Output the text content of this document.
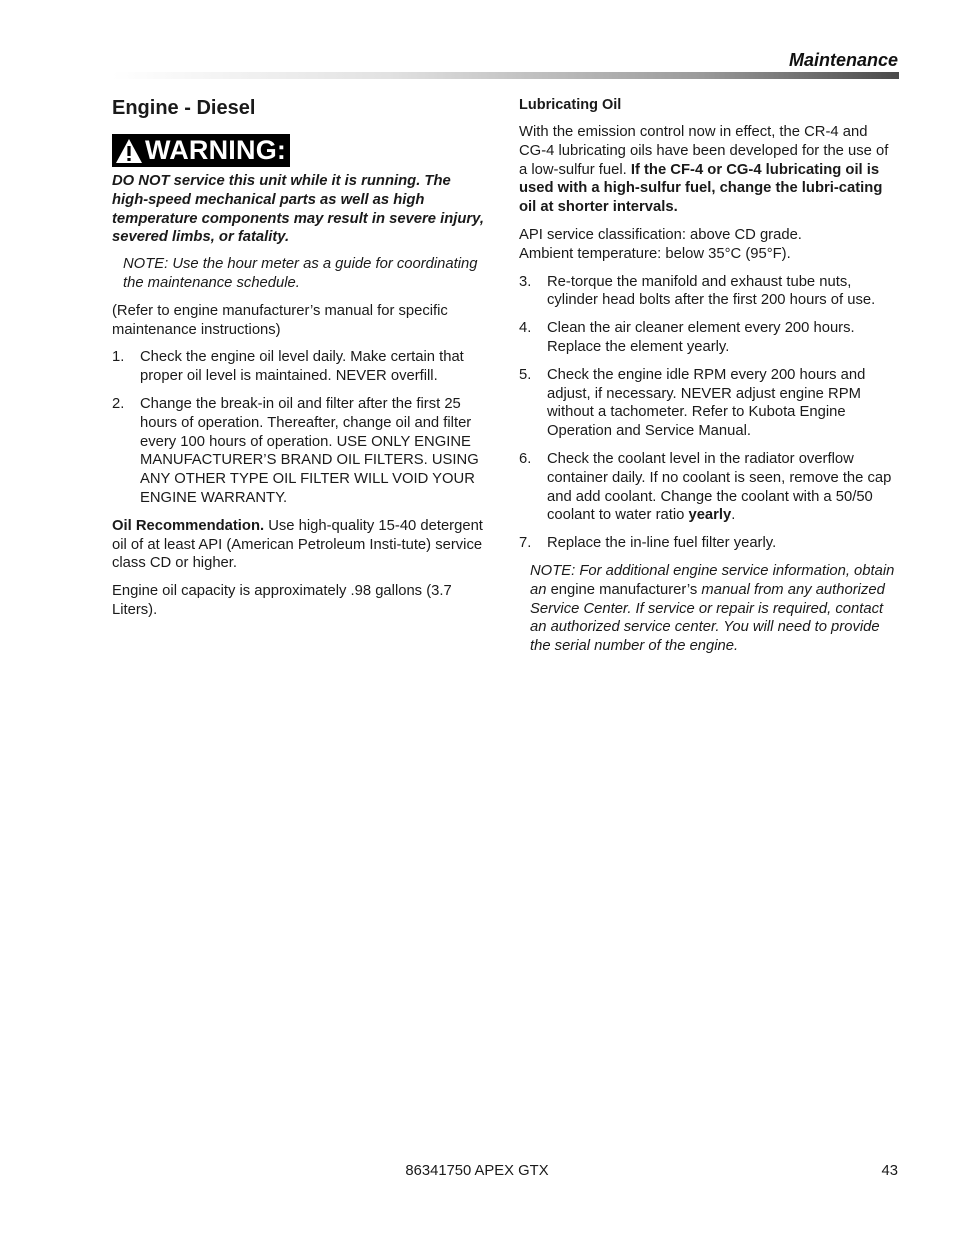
Maintenance
Engine - Diesel
WARNING:

DO NOT service this unit while it is running. The high-speed mechanical parts as well as high temperature components may result in severe injury, severed limbs, or fatality.

NOTE: Use the hour meter as a guide for coordinating the maintenance schedule.

(Refer to engine manufacturer’s manual for specific maintenance instructions)

1. Check the engine oil level daily. Make certain that proper oil level is maintained. NEVER overfill.
2. Change the break-in oil and filter after the first 25 hours of operation. Thereafter, change oil and filter every 100 hours of operation. USE ONLY ENGINE MANUFACTURER’S BRAND OIL FILTERS. USING ANY OTHER TYPE OIL FILTER WILL VOID YOUR ENGINE WARRANTY.

Oil Recommendation. Use high-quality 15-40 detergent oil of at least API (American Petroleum Insti-tute) service class CD or higher.

Engine oil capacity is approximately .98 gallons (3.7 Liters).

Lubricating Oil

With the emission control now in effect, the CR-4 and CG-4 lubricating oils have been developed for the use of a low-sulfur fuel. If the CF-4 or CG-4 lubricating oil is used with a high-sulfur fuel, change the lubri-cating oil at shorter intervals.

API service classification: above CD grade.
Ambient temperature: below 35°C (95°F).

3. Re-torque the manifold and exhaust tube nuts, cylinder head bolts after the first 200 hours of use.
4. Clean the air cleaner element every 200 hours. Replace the element yearly.
5. Check the engine idle RPM every 200 hours and adjust, if necessary. NEVER adjust engine RPM without a tachometer. Refer to Kubota Engine Operation and Service Manual.
6. Check the coolant level in the radiator overflow container daily. If no coolant is seen, remove the cap and add coolant. Change the coolant with a 50/50 coolant to water ratio yearly.
7. Replace the in-line fuel filter yearly.

NOTE: For additional engine service information, obtain an engine manufacturer’s manual from any authorized Service Center. If service or repair is required, contact an authorized service center. You will need to provide the serial number of the engine.

86341750 APEX GTX	43
